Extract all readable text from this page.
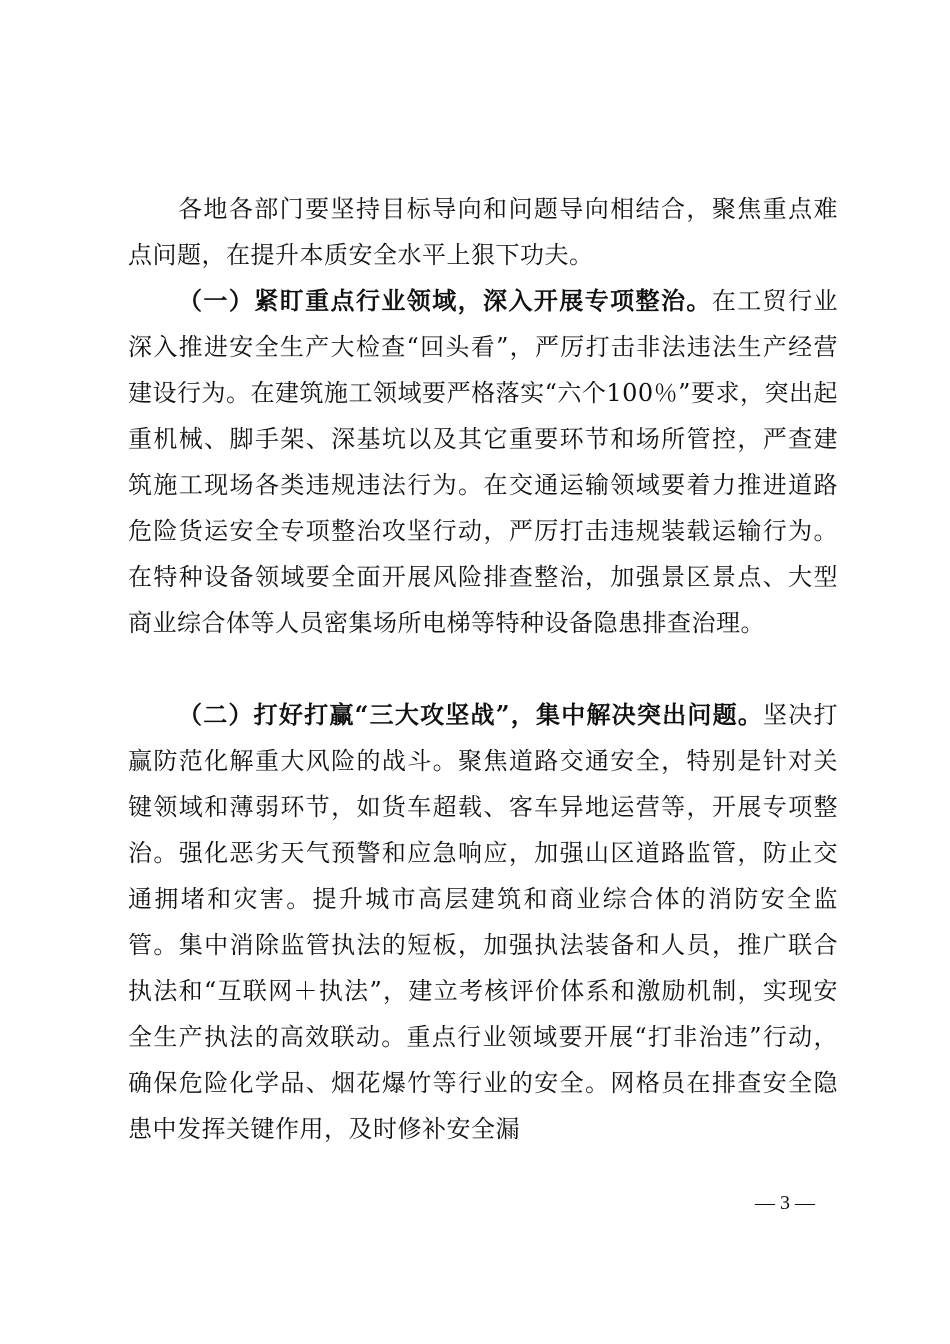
各地各部门要坚持目标导向和问题导向相结合，聚焦重点难点问题，在提升本质安全水平上狠下功夫。

（一）紧盯重点行业领域，深入开展专项整治。在工贸行业深入推进安全生产大检查“回头看”，严厉打击非法违法生产经营建设行为。在建筑施工领域要严格落实“六个100％”要求，突出起重机械、脚手架、深基坑以及其它重要环节和场所管控，严查建筑施工现场各类违规违法行为。在交通运输领域要着力推进道路危险货运安全专项整治攻坚行动，严厉打击违规装载运输行为。在特种设备领域要全面开展风险排查整治，加强景区景点、大型商业综合体等人员密集场所电梯等特种设备隐患排查治理。

（二）打好打赢“三大攻坚战”，集中解决突出问题。坚决打赢防范化解重大风险的战斗。聚焦道路交通安全，特别是针对关键领域和薄弱环节，如货车超载、客车异地运营等，开展专项整治。强化恶劣天气预警和应急响应，加强山区道路监管，防止交通拥堵和灾害。提升城市高层建筑和商业综合体的消防安全监管。集中消除监管执法的短板，加强执法装备和人员，推广联合执法和“互联网＋执法”，建立考核评价体系和激励机制，实现安全生产执法的高效联动。重点行业领域要开展“打非治违”行动，确保危险化学品、烟花爆竹等行业的安全。网格员在排查安全隐患中发挥关键作用，及时修补安全漏

— 3 —
